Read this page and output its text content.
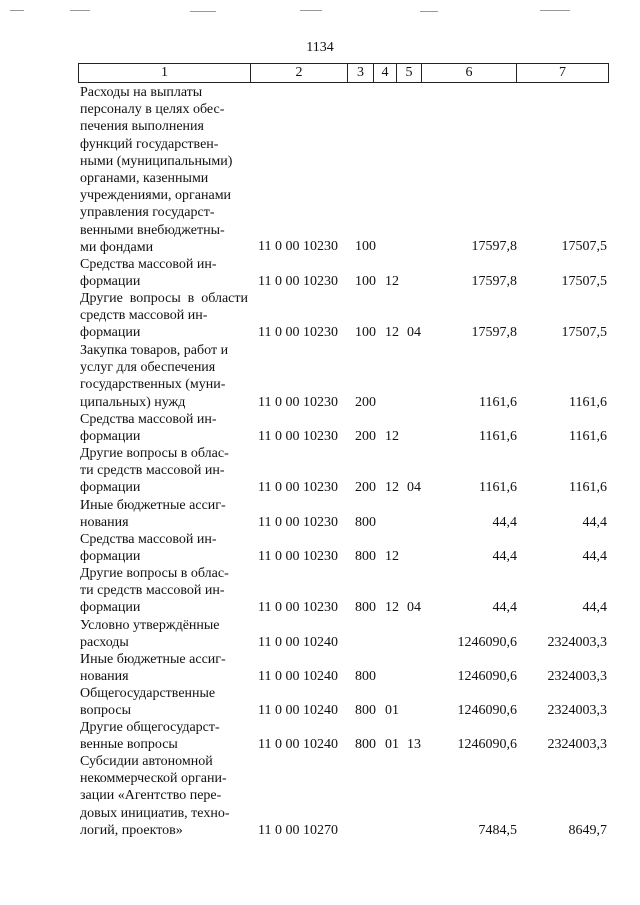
1134
1	2	3	4	5	6	7
Расходы на выплаты
персоналу в целях обес-
печения выполнения
функций государствен-
ными (муниципальными)
органами, казенными
учреждениями, органами
управления государст-
венными внебюджетны-
ми фондами	11 0 00 10230 100	17597,8	17507,5
Средства массовой ин-
формации	11 0 00 10230 100 12	17597,8	17507,5
Другие вопросы в области средств массовой ин-
формации	11 0 00 10230 100 12 04	17597,8	17507,5
Закупка товаров, работ и
услуг для обеспечения
государственных (муни-
ципальных) нужд	11 0 00 10230 200	1161,6	1161,6
Средства массовой ин-
формации	11 0 00 10230 200 12	1161,6	1161,6
Другие вопросы в облас-
ти средств массовой ин-
формации	11 0 00 10230 200 12 04	1161,6	1161,6
Иные бюджетные ассиг-
нования	11 0 00 10230 800	44,4	44,4
Средства массовой ин-
формации	11 0 00 10230 800 12	44,4	44,4
Другие вопросы в облас-
ти средств массовой ин-
формации	11 0 00 10230 800 12 04	44,4	44,4
Условно утверждённые
расходы	11 0 00 10240	1246090,6 2324003,3
Иные бюджетные ассиг-
нования	11 0 00 10240 800	1246090,6 2324003,3
Общегосударственные
вопросы	11 0 00 10240 800 01	1246090,6 2324003,3
Другие общегосударст-
венные вопросы	11 0 00 10240 800 01 13	1246090,6 2324003,3
Субсидии автономной
некоммерческой органи-
зации «Агентство пере-
довых инициатив, техно-
логий, проектов»	11 0 00 10270	7484,5	8649,7
